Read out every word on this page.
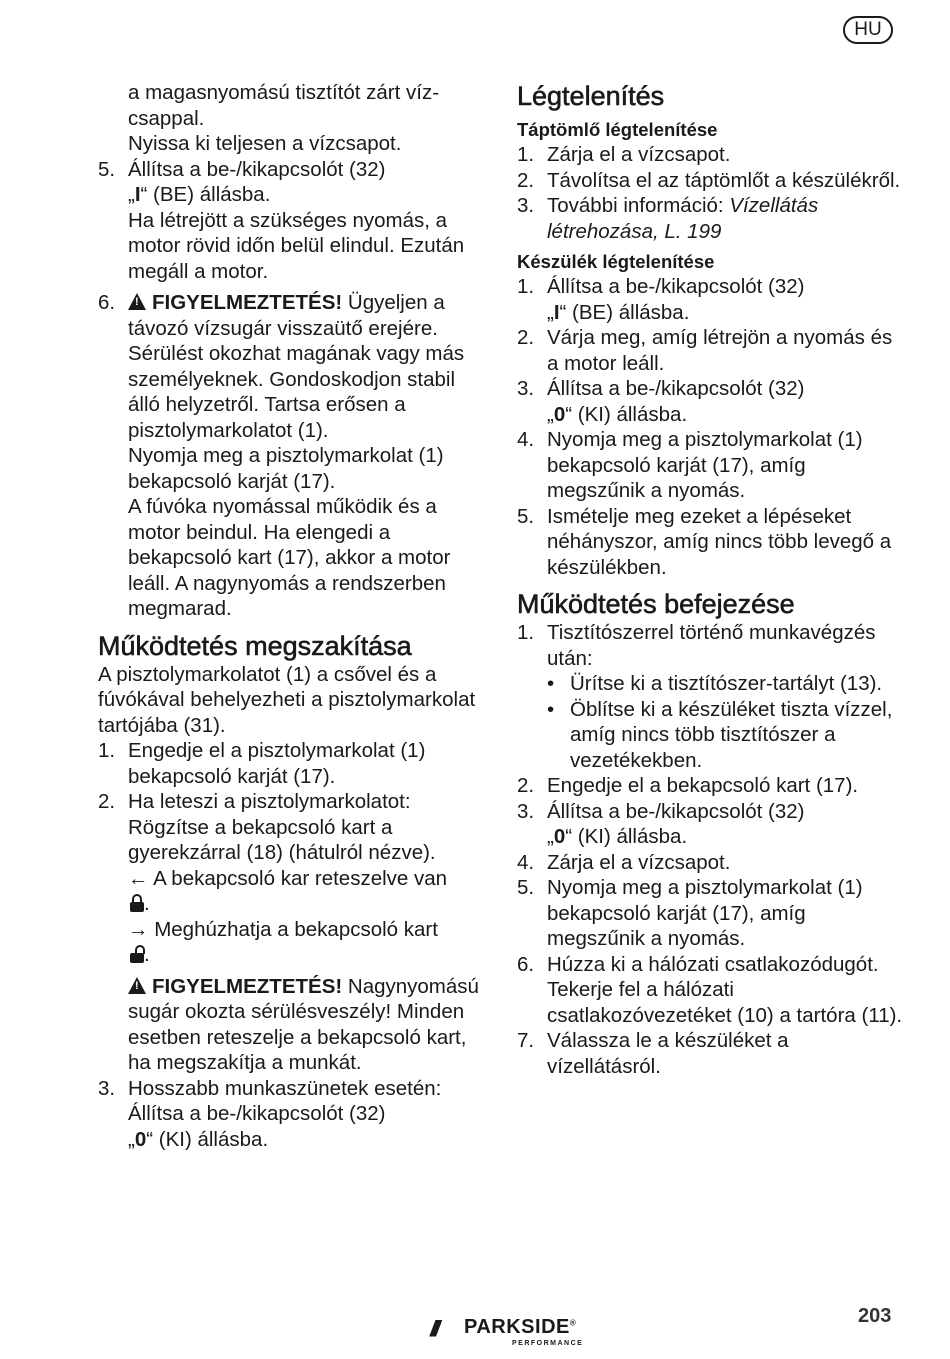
HU

a magasnyomású tisztítót zárt víz-csappal.

Nyissa ki teljesen a vízcsapot.

5. Állítsa a be-/kikapcsolót (32)
„I“ (BE) állásba.

Ha létrejött a szükséges nyomás, a motor rövid időn belül elindul. Ezután megáll a motor.

6.

!	FIGYELMEZTETÉS! Ügyeljen a távozó vízsugár visszaütő erejére. Sérülést okozhat magának vagy más személyeknek. Gondoskodjon stabil álló helyzetről. Tartsa erősen a pisztolymarkolatot (1).

Nyomja meg a pisztolymarkolat (1) bekapcsoló karját (17).

A fúvóka nyomással működik és a motor beindul. Ha elengedi a bekapcsoló kart (17), akkor a motor leáll. A nagynyomás a rendszerben megmarad.

Működtetés megszakítása

A pisztolymarkolatot (1) a csővel és a fúvókával behelyezheti a pisztolymarkolat tartójába (31).

1. Engedje el a pisztolymarkolat (1) bekapcsoló karját (17).

2. Ha leteszi a pisztolymarkolatot: Rögzítse a bekapcsoló kart a gyerekzárral (18) (hátulról nézve).

← A bekapcsoló kar reteszelve van
.

→ Meghúzhatja a bekapcsoló kart
.

!FIGYELMEZTETÉS! Nagynyomású sugár okozta sérülésveszély! Minden esetben reteszelje a bekapcsoló kart, ha megszakítja a munkát.

3. Hosszabb munkaszünetek esetén: Állítsa a be-/kikapcsolót (32)
„0“ (KI) állásba.

Légtelenítés
Táptömlő légtelenítése
1. Zárja el a vízcsapot.

2. Távolítsa el az táptömlőt a készülékről.

3. További információ: Vízellátás létrehozása, L. 199

Készülék légtelenítése
1. Állítsa a be-/kikapcsolót (32)
„I“ (BE) állásba.

2. Várja meg, amíg létrejön a nyomás és a motor leáll.

3. Állítsa a be-/kikapcsolót (32)
„0“ (KI) állásba.

4. Nyomja meg a pisztolymarkolat (1) bekapcsoló karját (17), amíg megszűnik a nyomás.

5. Ismételje meg ezeket a lépéseket néhányszor, amíg nincs több levegő a készülékben.

Működtetés befejezése
1. Tisztítószerrel történő munkavégzés után:

• Ürítse ki a tisztítószer-tartályt (13).

• Öblítse ki a készüléket tiszta vízzel, amíg nincs több tisztítószer a vezetékekben.

2. Engedje el a bekapcsoló kart (17).

3. Állítsa a be-/kikapcsolót (32)
„0“ (KI) állásba.

4. Zárja el a vízcsapot.

5. Nyomja meg a pisztolymarkolat (1) bekapcsoló karját (17), amíg megszűnik a nyomás.

6. Húzza ki a hálózati csatlakozódugót. Tekerje fel a hálózati csatlakozóvezetéket (10) a tartóra (11).

7. Válassza le a készüléket a vízellátásról.

/// PARKSIDE®
PERFORMANCE
203
